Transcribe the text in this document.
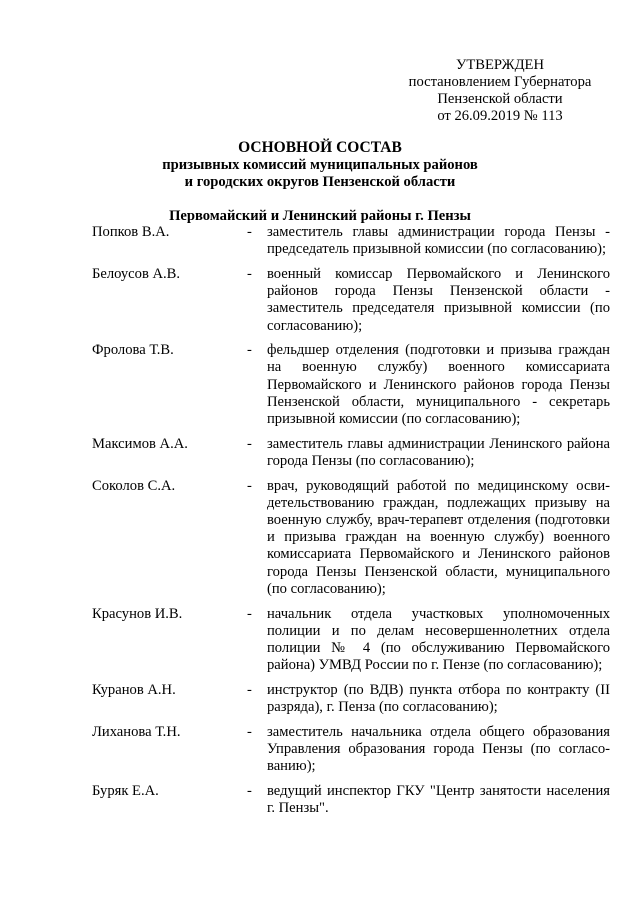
УТВЕРЖДЕН
постановлением Губернатора
Пензенской области
от 26.09.2019 № 113
ОСНОВНОЙ СОСТАВ
призывных комиссий муниципальных районов
и городских округов Пензенской области
Первомайский и Ленинский районы г. Пензы
Попков В.А.	-	заместитель главы администрации города Пензы - председатель призывной комиссии (по согласованию);
Белоусов А.В.	-	военный комиссар Первомайского и Ленинского районов города Пензы Пензенской области - заместитель председателя призывной комиссии (по согласованию);
Фролова Т.В.	-	фельдшер отделения (подготовки и призыва граждан на военную службу) военного комиссариата Первомайского и Ленинского районов города Пензы Пензенской области, муниципального - секретарь призывной комиссии (по согласованию);
Максимов А.А.	-	заместитель главы администрации Ленинского района города Пензы (по согласованию);
Соколов С.А.	-	врач, руководящий работой по медицинскому освидетельствованию граждан, подлежащих призыву на военную службу, врач-терапевт отделения (подготовки и призыва граждан на военную службу) военного комиссариата Первомайского и Ленинского районов города Пензы Пензенской области, муниципального (по согласованию);
Красунов И.В.	-	начальник отдела участковых уполномоченных полиции и по делам несовершеннолетних отдела полиции № 4 (по обслуживанию Первомайского района) УМВД России по г. Пензе (по согласованию);
Куранов А.Н.	-	инструктор (по ВДВ) пункта отбора по контракту (II разряда), г. Пенза (по согласованию);
Лиханова Т.Н.	-	заместитель начальника отдела общего образования Управления образования города Пензы (по согласованию);
Буряк Е.А.	-	ведущий инспектор ГКУ "Центр занятости населения г. Пензы".
